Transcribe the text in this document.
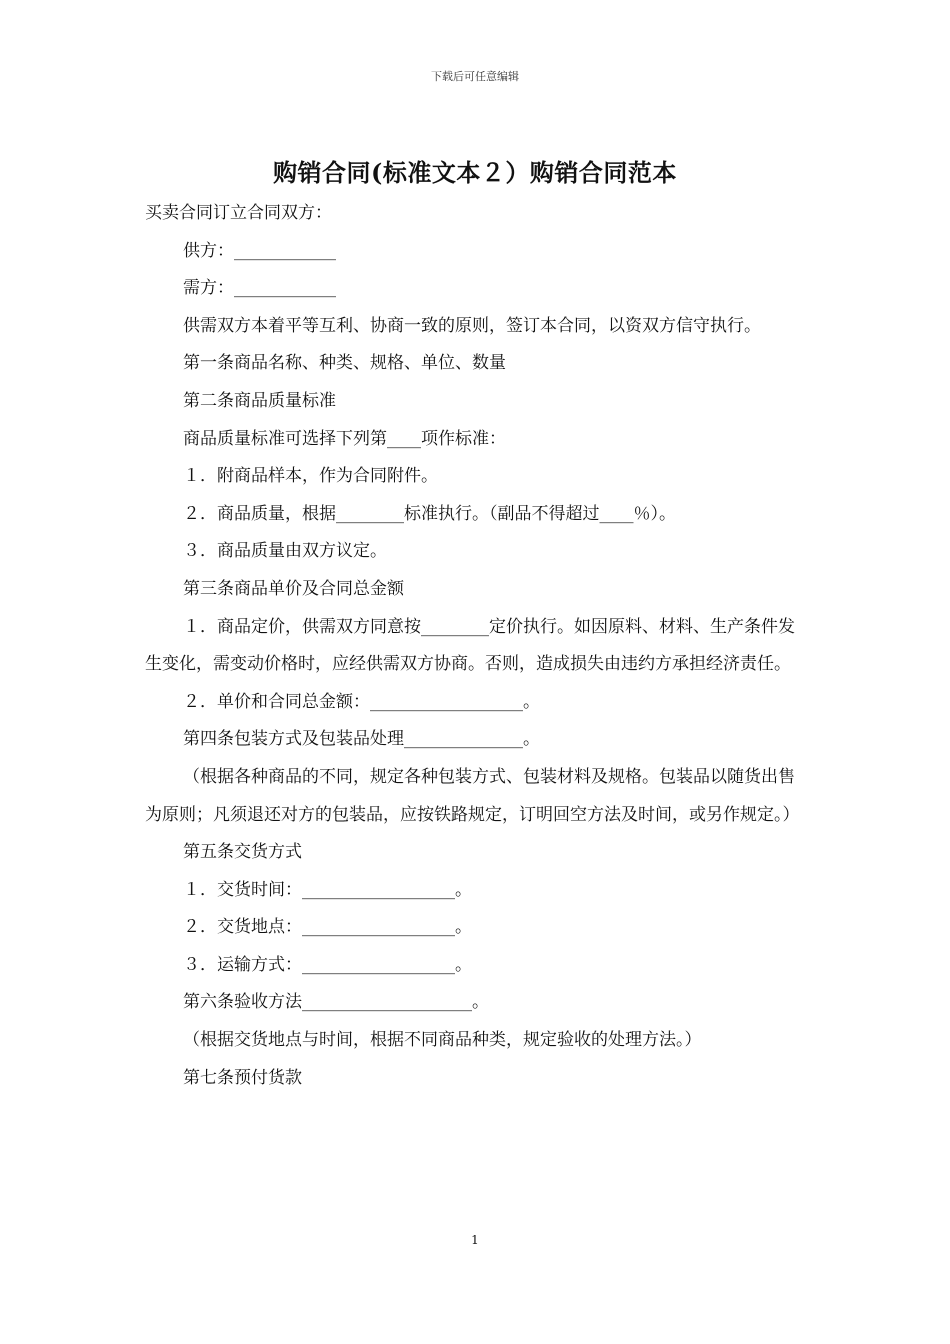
下载后可任意编辑
购销合同(标准文本２）购销合同范本

买卖合同订立合同双方：

供方：____________

需方：____________

供需双方本着平等互利、协商一致的原则，签订本合同，以资双方信守执行。

第一条商品名称、种类、规格、单位、数量

第二条商品质量标准

商品质量标准可选择下列第____项作标准：

１．附商品样本，作为合同附件。

２．商品质量，根据________标准执行。（副品不得超过____％）。

３．商品质量由双方议定。

第三条商品单价及合同总金额

１．商品定价，供需双方同意按________定价执行。如因原料、材料、生产条件发生变化，需变动价格时，应经供需双方协商。否则，造成损失由违约方承担经济责任。

２．单价和合同总金额：__________________。

第四条包装方式及包装品处理______________。

（根据各种商品的不同，规定各种包装方式、包装材料及规格。包装品以随货出售为原则；凡须退还对方的包装品，应按铁路规定，订明回空方法及时间，或另作规定。）

第五条交货方式

１．交货时间：__________________。

２．交货地点：__________________。

３．运输方式：__________________。

第六条验收方法____________________。

（根据交货地点与时间，根据不同商品种类，规定验收的处理方法。）

第七条预付货款

1
